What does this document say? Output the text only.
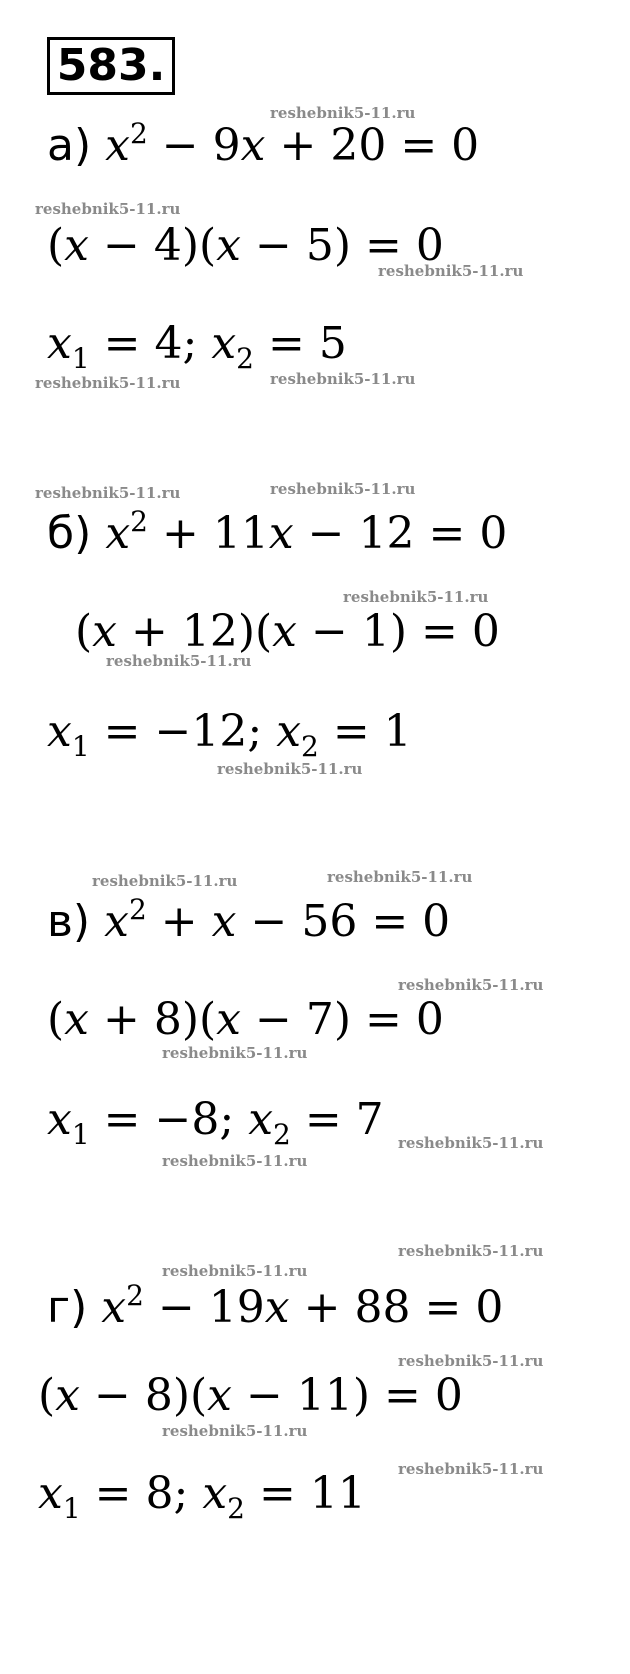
583.
а) $x^2 - 9x + 20 = 0$
(x − 4)(x − 5) = 0
$x_1 = 4$; $x_2 = 5$
б) $x^2 + 11x - 12 = 0$
(x + 12)(x − 1) = 0
$x_1 = -12$; $x_2 = 1$
в) $x^2 + x - 56 = 0$
(x + 8)(x − 7) = 0
$x_1 = -8$; $x_2 = 7$
г) $x^2 - 19x + 88 = 0$
(x − 8)(x − 11) = 0
$x_1 = 8$; $x_2 = 11$
reshebnik5-11.ru
reshebnik5-11.ru
reshebnik5-11.ru
reshebnik5-11.ru	reshebnik5-11.ru
reshebnik5-11.ru	reshebnik5-11.ru
reshebnik5-11.ru
reshebnik5-11.ru
reshebnik5-11.ru
reshebnik5-11.ru	reshebnik5-11.ru
reshebnik5-11.ru
reshebnik5-11.ru
reshebnik5-11.ru
reshebnik5-11.ru
reshebnik5-11.ru
reshebnik5-11.ru
reshebnik5-11.ru
reshebnik5-11.ru
reshebnik5-11.ru
